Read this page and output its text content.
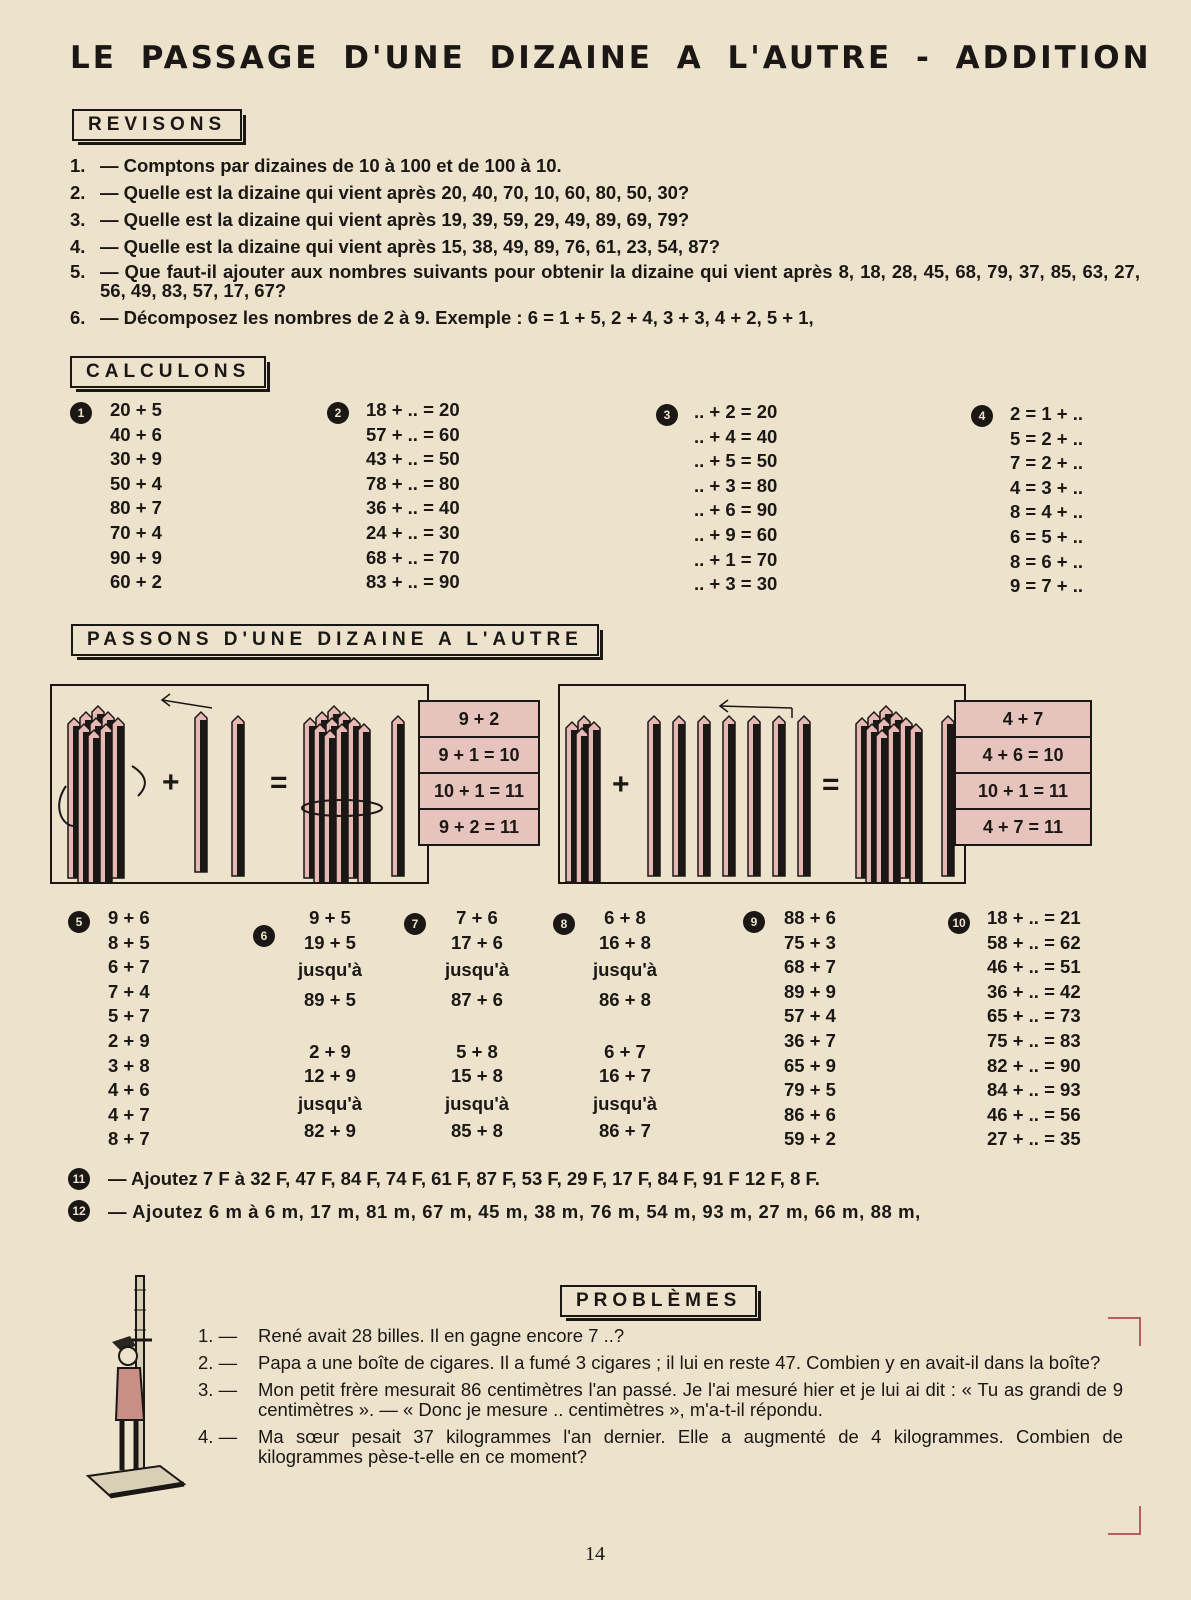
LE PASSAGE D'UNE DIZAINE A L'AUTRE - ADDITION
REVISONS
1. — Comptons par dizaines de 10 à 100 et de 100 à 10.
2. — Quelle est la dizaine qui vient après 20, 40, 70, 10, 60, 80, 50, 30?
3. — Quelle est la dizaine qui vient après 19, 39, 59, 29, 49, 89, 69, 79?
4. — Quelle est la dizaine qui vient après 15, 38, 49, 89, 76, 61, 23, 54, 87?
5. — Que faut-il ajouter aux nombres suivants pour obtenir la dizaine qui vient après 8, 18, 28, 45, 68, 79, 37, 85, 63, 27, 56, 49, 83, 57, 17, 67?
6. — Décomposez les nombres de 2 à 9. Exemple : 6 = 1 + 5, 2 + 4, 3 + 3, 4 + 2, 5 + 1,
CALCULONS
1	20 + 5
40 + 6
30 + 9
50 + 4
80 + 7
70 + 4
90 + 9
60 + 2
2	18 + .. = 20
57 + .. = 60
43 + .. = 50
78 + .. = 80
36 + .. = 40
24 + .. = 30
68 + .. = 70
83 + .. = 90
3	.. + 2 = 20
.. + 4 = 40
.. + 5 = 50
.. + 3 = 80
.. + 6 = 90
.. + 9 = 60
.. + 1 = 70
.. + 3 = 30
4	2 = 1 + ..
5 = 2 + ..
7 = 2 + ..
4 = 3 + ..
8 = 4 + ..
6 = 5 + ..
8 = 6 + ..
9 = 7 + ..
PASSONS D'UNE DIZAINE A L'AUTRE
+	=
9 + 2
9 + 1 = 10
10 + 1 = 11
9 + 2 = 11
+	=
4 + 7
4 + 6 = 10
10 + 1 = 11
4 + 7 = 11
5	9 + 6
8 + 5
6 + 7
7 + 4
5 + 7
2 + 9
3 + 8
4 + 6
4 + 7
8 + 7
6
9 + 5
19 + 5
jusqu'à
89 + 5
2 + 9
12 + 9
jusqu'à
82 + 9
7	7 + 6
17 + 6
jusqu'à
87 + 6
5 + 8
15 + 8
jusqu'à
85 + 8
8	6 + 8
16 + 8
jusqu'à
86 + 8
6 + 7
16 + 7
jusqu'à
86 + 7
9	88 + 6
75 + 3
68 + 7
89 + 9
57 + 4
36 + 7
65 + 9
79 + 5
86 + 6
59 + 2
10 18 + .. = 21
58 + .. = 62
46 + .. = 51
36 + .. = 42
65 + .. = 73
75 + .. = 83
82 + .. = 90
84 + .. = 93
46 + .. = 56
27 + .. = 35
11 — Ajoutez 7 F à 32 F, 47 F, 84 F, 74 F, 61 F, 87 F, 53 F, 29 F, 17 F, 84 F, 91 F 12 F, 8 F.
12 — Ajoutez 6 m à 6 m, 17 m, 81 m, 67 m, 45 m, 38 m, 76 m, 54 m, 93 m, 27 m, 66 m, 88 m,
PROBLÈMES
1. —	René avait 28 billes. Il en gagne encore 7 ..?
2. —	Papa a une boîte de cigares. Il a fumé 3 cigares ; il lui en reste 47. Combien y en avait-il dans la boîte?
3. —	Mon petit frère mesurait 86 centimètres l'an passé. Je l'ai mesuré hier et je lui ai dit : « Tu as grandi de 9 centimètres ». — « Donc je mesure .. centimètres », m'a-t-il répondu.
4. —	Ma sœur pesait 37 kilogrammes l'an dernier. Elle a augmenté de 4 kilogrammes. Combien de kilogrammes pèse-t-elle en ce moment?
14
